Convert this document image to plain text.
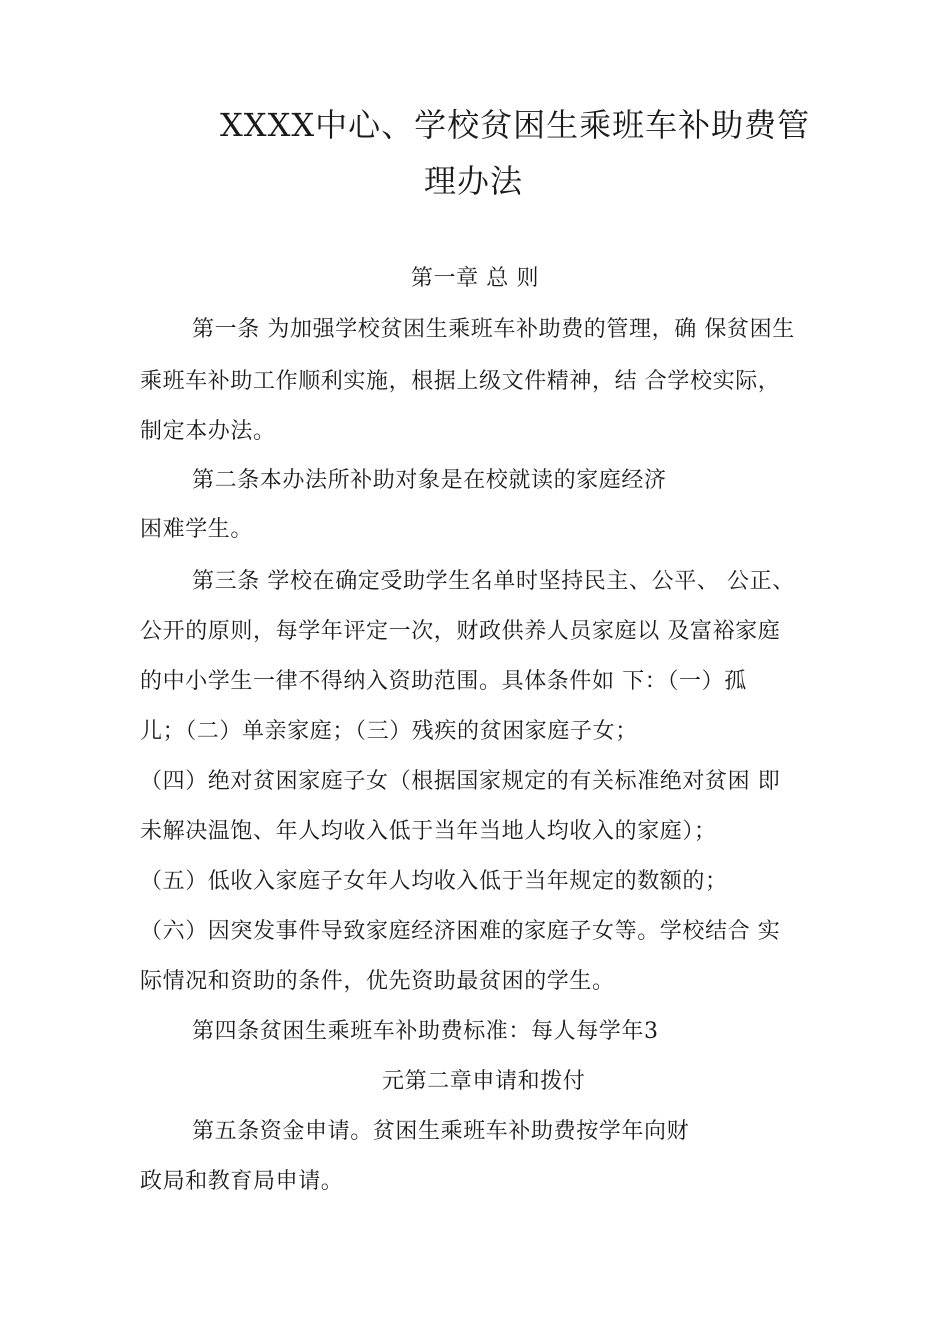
XXXX中心、学校贫困生乘班车补助费管
理办法
第一章 总 则
第一条 为加强学校贫困生乘班车补助费的管理，确 保贫困生
乘班车补助工作顺利实施，根据上级文件精神，结 合学校实际，
制定本办法。
第二条本办法所补助对象是在校就读的家庭经济
困难学生。
第三条 学校在确定受助学生名单时坚持民主、公平、 公正、
公开的原则，每学年评定一次，财政供养人员家庭以 及富裕家庭
的中小学生一律不得纳入资助范围。具体条件如 下：（一）孤
儿；（二）单亲家庭；（三）残疾的贫困家庭子女；
（四）绝对贫困家庭子女（根据国家规定的有关标准绝对贫困 即
未解决温饱、年人均收入低于当年当地人均收入的家庭）；
（五）低收入家庭子女年人均收入低于当年规定的数额的；
（六）因突发事件导致家庭经济困难的家庭子女等。学校结合 实
际情况和资助的条件，优先资助最贫困的学生。
第四条贫困生乘班车补助费标准：每人每学年3
元第二章申请和拨付
第五条资金申请。贫困生乘班车补助费按学年向财
政局和教育局申请。
